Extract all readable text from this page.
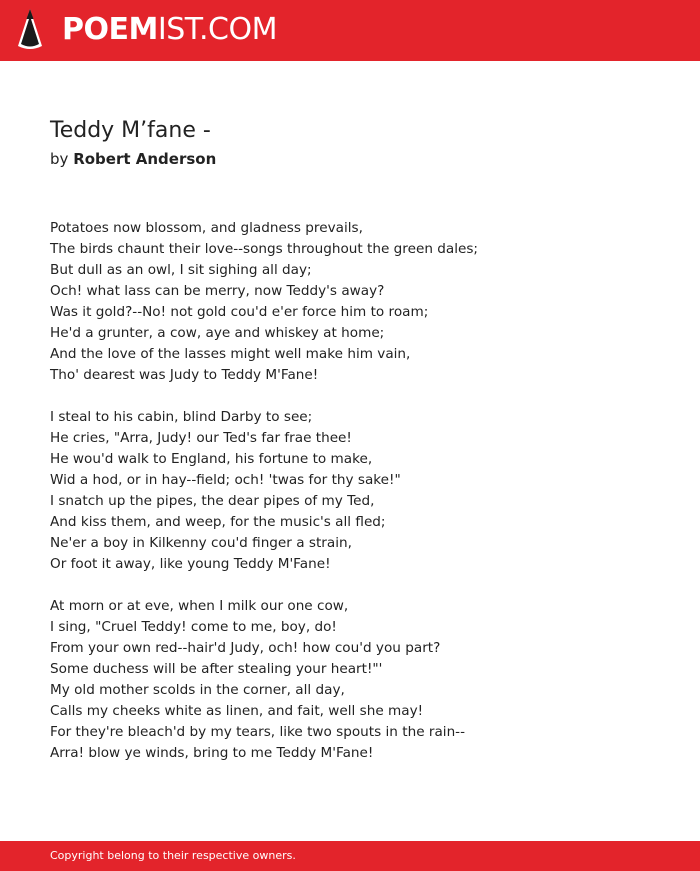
POEMIST.COM
Teddy M’fane -
by Robert Anderson
Potatoes now blossom, and gladness prevails,
The birds chaunt their love--songs throughout the green dales;
But dull as an owl, I sit sighing all day;
Och! what lass can be merry, now Teddy's away?
Was it gold?--No! not gold cou'd e'er force him to roam;
He'd a grunter, a cow, aye and whiskey at home;
And the love of the lasses might well make him vain,
Tho' dearest was Judy to Teddy M'Fane!
I steal to his cabin, blind Darby to see;
He cries, "Arra, Judy! our Ted's far frae thee!
He wou'd walk to England, his fortune to make,
Wid a hod, or in hay--field; och! 'twas for thy sake!"
I snatch up the pipes, the dear pipes of my Ted,
And kiss them, and weep, for the music's all fled;
Ne'er a boy in Kilkenny cou'd finger a strain,
Or foot it away, like young Teddy M'Fane!
At morn or at eve, when I milk our one cow,
I sing, "Cruel Teddy! come to me, boy, do!
From your own red--hair'd Judy, och! how cou'd you part?
Some duchess will be after stealing your heart!"'
My old mother scolds in the corner, all day,
Calls my cheeks white as linen, and fait, well she may!
For they're bleach'd by my tears, like two spouts in the rain--
Arra! blow ye winds, bring to me Teddy M'Fane!
Copyright belong to their respective owners.
